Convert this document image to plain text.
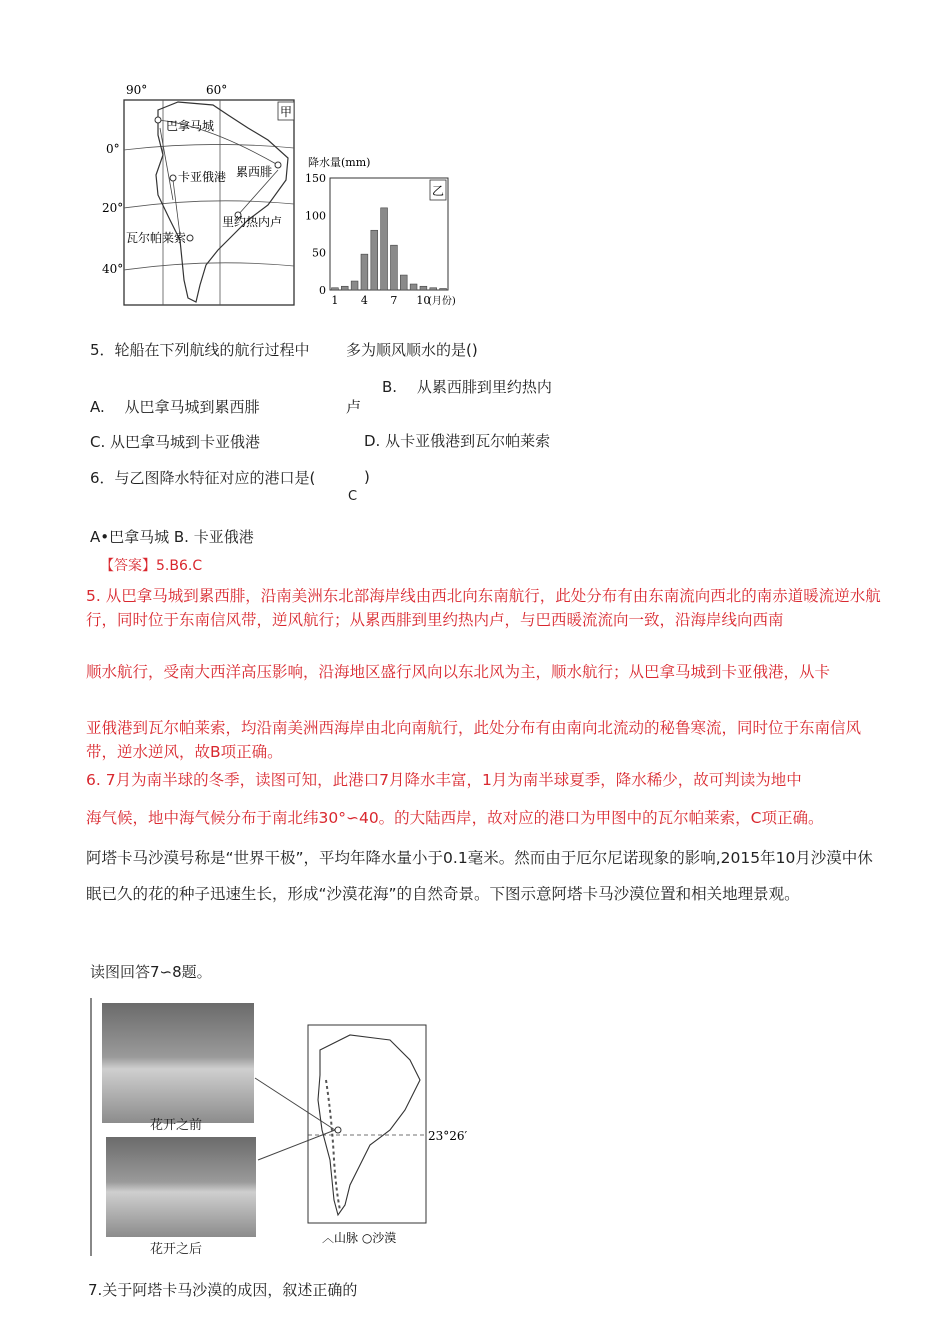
甲
90°	60°
0°
20°
40°
巴拿马城
卡亚俄港 累西腓
里约热内卢
瓦尔帕莱索
降水量(mm)
乙
150
100
50
0
1 4 7 10
(月份)
5．轮船在下列航线的航行过程中	多为顺风顺水的是()
A.　 从巴拿马城到累西腓
B.　 从累西腓到里约热内
卢
C. 从巴拿马城到卡亚俄港	D. 从卡亚俄港到瓦尔帕莱索
6．与乙图降水特征对应的港口是(	)
C
A•巴拿马城 B. 卡亚俄港
【答案】5.B6.C
5. 从巴拿马城到累西腓，沿南美洲东北部海岸线由西北向东南航行，此处分布有由东南流向西北的南赤道暖流逆水航行，同时位于东南信风带，逆风航行；从累西腓到里约热内卢，与巴西暖流流向一致，沿海岸线向西南
顺水航行，受南大西洋高压影响，沿海地区盛行风向以东北风为主，顺水航行；从巴拿马城到卡亚俄港，从卡
亚俄港到瓦尔帕莱索，均沿南美洲西海岸由北向南航行，此处分布有由南向北流动的秘鲁寒流，同时位于东南信风带，逆水逆风，故B项正确。
6. 7月为南半球的冬季，读图可知，此港口7月降水丰富，1月为南半球夏季，降水稀少，故可判读为地中
海气候，地中海气候分布于南北纬30°∽40。的大陆西岸，故对应的港口为甲图中的瓦尔帕莱索，C项正确。
阿塔卡马沙漠号称是“世界干极”，平均年降水量小于0.1毫米。然而由于厄尔尼诺现象的影响,2015年10月沙漠中休眠已久的花的种子迅速生长，形成“沙漠花海”的自然奇景。下图示意阿塔卡马沙漠位置和相关地理景观。
读图回答7∽8题。
花开之前
花开之后
23°26′
︿山脉 ○沙漠
7.关于阿塔卡马沙漠的成因，叙述正确的
